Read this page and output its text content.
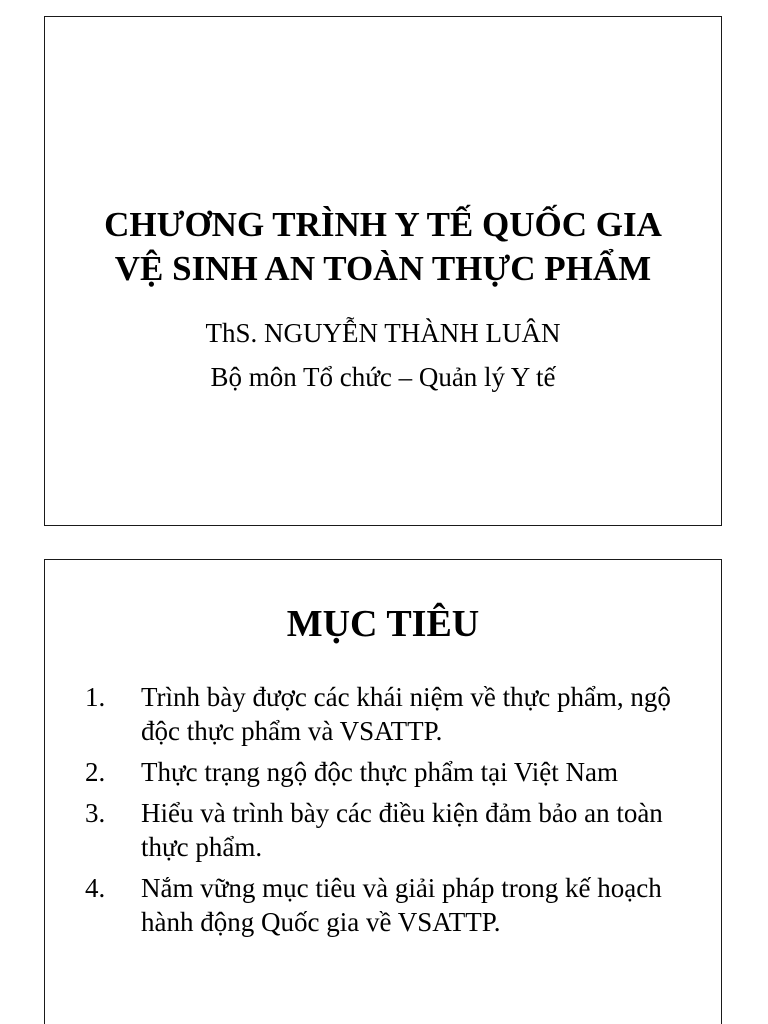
CHƯƠNG TRÌNH Y TẾ QUỐC GIA
VỆ SINH AN TOÀN THỰC PHẨM
ThS. NGUYỄN THÀNH LUÂN
Bộ môn Tổ chức – Quản lý Y tế
MỤC TIÊU
1. Trình bày được các khái niệm về thực phẩm, ngộ độc thực phẩm và VSATTP.
2. Thực trạng ngộ độc thực phẩm tại Việt Nam
3. Hiểu và trình bày các điều kiện đảm bảo an toàn thực phẩm.
4. Nắm vững mục tiêu và giải pháp trong kế hoạch hành động Quốc gia về VSATTP.
